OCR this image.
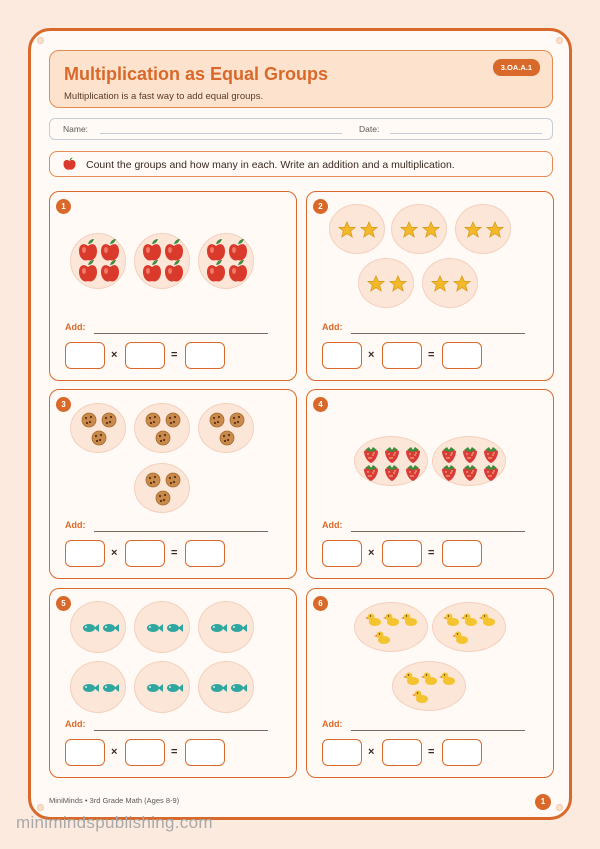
Multiplication as Equal Groups
Multiplication is a fast way to add equal groups.
3.OA.A.1
Name:	Date:
Count the groups and how many in each. Write an addition and a multiplication.
1
Add:
×	=
2
Add:
×	=
3
Add:
×	=
4
Add:
×	=
5
Add:
×	=
6
Add:
×	=
MiniMinds • 3rd Grade Math (Ages 8-9)	1
minimindspublishing.com
